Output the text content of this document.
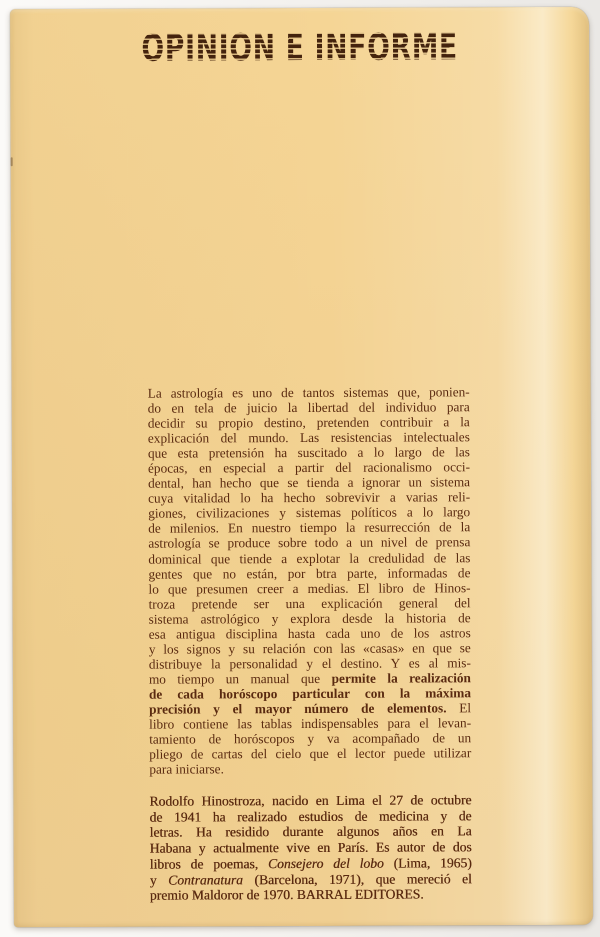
OPINION E INFORME
La astrología es uno de tantos sistemas que, ponien-
do en tela de juicio la libertad del individuo para
decidir su propio destino, pretenden contribuir a la
explicación del mundo. Las resistencias intelectuales
que esta pretensión ha suscitado a lo largo de las
épocas, en especial a partir del racionalismo occi-
dental, han hecho que se tienda a ignorar un sistema
cuya vitalidad lo ha hecho sobrevivir a varias reli-
giones, civilizaciones y sistemas políticos a lo largo
de milenios. En nuestro tiempo la resurrección de la
astrología se produce sobre todo a un nivel de prensa
dominical que tiende a explotar la credulidad de las
gentes que no están, por btra parte, informadas de
lo que presumen creer a medias. El libro de Hinos-
troza pretende ser una explicación general del
sistema astrológico y explora desde la historia de
esa antigua disciplina hasta cada uno de los astros
y los signos y su relación con las «casas» en que se
distribuye la personalidad y el destino. Y es al mis-
mo tiempo un manual que permite la realización
de cada horóscopo particular con la máxima
precisión y el mayor número de elementos. El
libro contiene las tablas indispensables para el levan-
tamiento de horóscopos y va acompañado de un
pliego de cartas del cielo que el lector puede utilizar
para iniciarse.
Rodolfo Hinostroza, nacido en Lima el 27 de octubre
de 1941 ha realizado estudios de medicina y de
letras. Ha residido durante algunos años en La
Habana y actualmente vive en París. Es autor de dos
libros de poemas, Consejero del lobo (Lima, 1965)
y Contranatura (Barcelona, 1971), que mereció el
premio Maldoror de 1970. BARRAL EDITORES.
